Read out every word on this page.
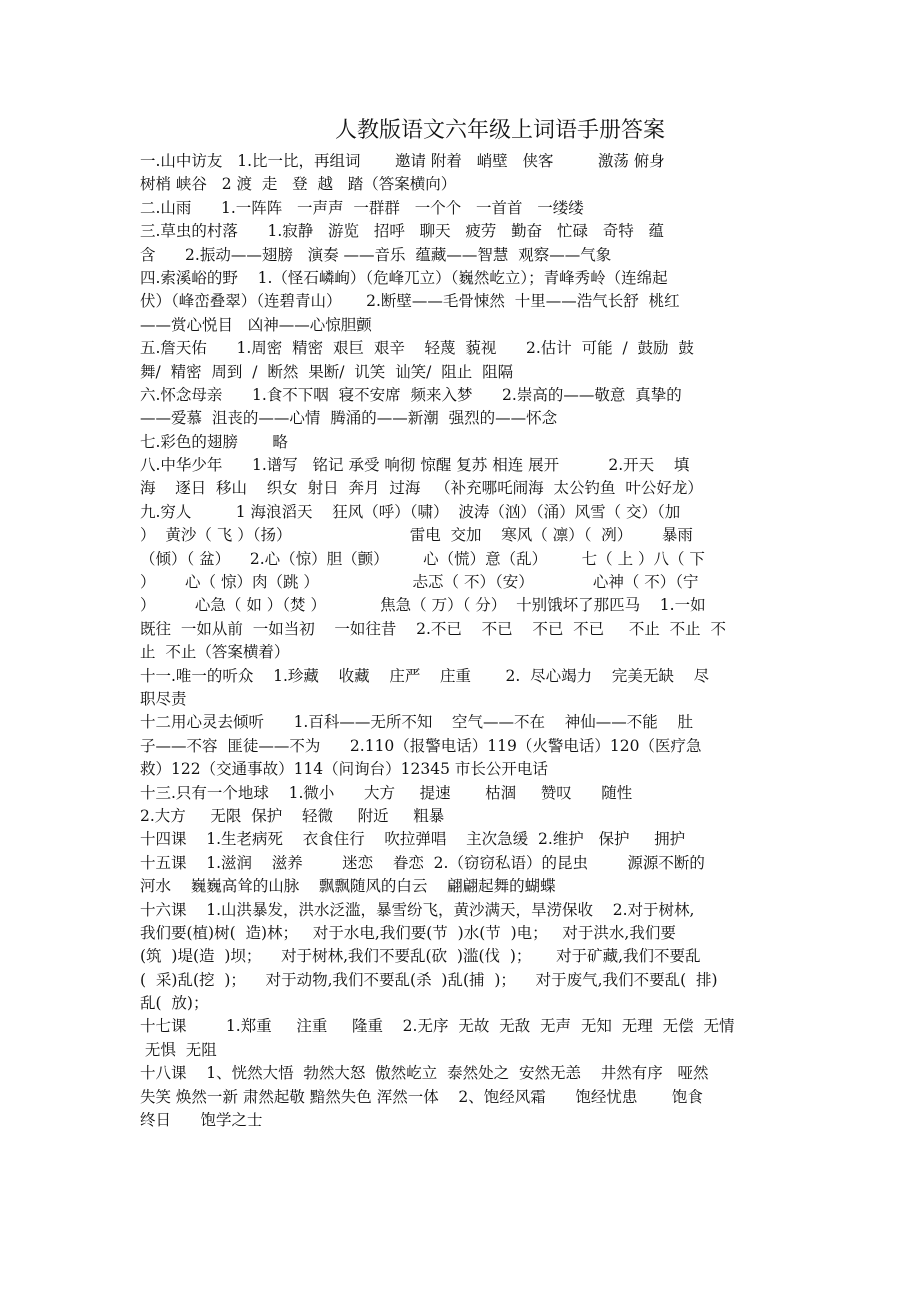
人教版语文六年级上词语手册答案
一.山中访友   1.比一比，再组词       邀请 附着   峭壁   侠客         激荡 俯身
树梢 峡谷   2 渡  走   登  越   踏（答案横向）
二.山雨      1.一阵阵   一声声  一群群   一个个   一首首   一缕缕
三.草虫的村落      1.寂静   游览   招呼   聊天   疲劳   勤奋   忙碌   奇特   蕴
含      2.振动——翅膀   演奏 ——音乐  蕴藏——智慧  观察——气象
四.索溪峪的野    1.（怪石嶙峋）（危峰兀立）（巍然屹立）；青峰秀岭（连绵起
伏）（峰峦叠翠）（连碧青山）     2.断壁——毛骨悚然  十里——浩气长舒  桃红
——赏心悦目   凶神——心惊胆颤
五.詹天佑      1.周密  精密  艰巨  艰辛    轻蔑  藐视      2.估计  可能  /  鼓励  鼓
舞/  精密  周到  /  断然  果断/  讥笑  讪笑/  阻止  阻隔
六.怀念母亲      1.食不下咽  寝不安席  频来入梦      2.崇高的——敬意  真挚的
——爱慕  沮丧的——心情  腾涌的——新潮  强烈的——怀念
七.彩色的翅膀       略
八.中华少年      1.谱写   铭记 承受 响彻 惊醒 复苏 相连 展开          2.开天    填
海    逐日  移山    织女  射日  奔月  过海   （补充哪吒闹海  太公钓鱼  叶公好龙）
九.穷人         1 海浪滔天    狂风（呼）（啸）  波涛（汹）（涌）风雪（ 交）（加
）  黄沙（ 飞 ）（扬）                        雷电  交加    寒风（ 凛）（  冽）      暴雨
（倾）（ 盆）    2.心（惊）胆（颤）       心（慌）意（乱）       七（ 上 ）八（ 下
）      心（ 惊）肉（跳 ）                   忐忑（ 不）（安）            心神（ 不）（宁
）        心急（ 如 ）（焚 ）           焦急（ 万）（ 分）  十别饿坏了那匹马    1.一如
既往  一如从前  一如当初    一如往昔    2.不已    不已    不已  不已     不止  不止  不
止  不止（答案横着）
十一.唯一的听众    1.珍藏    收藏    庄严    庄重       2.  尽心竭力    完美无缺    尽
职尽责
十二用心灵去倾听      1.百科——无所不知    空气——不在    神仙——不能    肚
子——不容  匪徒——不为      2.110（报警电话）119（火警电话）120（医疗急
救）122（交通事故）114（问询台）12345 市长公开电话
十三.只有一个地球    1.微小      大方     提速       枯涸     赞叹      随性
2.大方     无限  保护    轻微     附近     粗暴
十四课    1.生老病死    衣食住行    吹拉弹唱    主次急缓  2.维护   保护     拥护
十五课    1.滋润    滋养        迷恋    眷恋  2.（窃窃私语）的昆虫        源源不断的
河水    巍巍高耸的山脉    飘飘随风的白云    翩翩起舞的蝴蝶
十六课    1.山洪暴发，洪水泛滥，暴雪纷飞，黄沙满天，旱涝保收    2.对于树林,
我们要(植)树(  造)林；   对于水电,我们要(节  )水(节  )电；   对于洪水,我们要
(筑  )堤(造  )坝；    对于树林,我们不要乱(砍  )滥(伐  )；     对于矿藏,我们不要乱
(  采)乱(挖  )；    对于动物,我们不要乱(杀  )乱(捕  )；    对于废气,我们不要乱(  排)
乱(  放)；
十七课        1.郑重     注重     隆重    2.无序  无故  无敌  无声  无知  无理  无偿  无情
无惧  无阻
十八课    1、恍然大悟  勃然大怒  傲然屹立  泰然处之  安然无恙    井然有序   哑然
失笑 焕然一新 肃然起敬 黯然失色 浑然一体    2、饱经风霜      饱经忧患       饱食
终日      饱学之士
